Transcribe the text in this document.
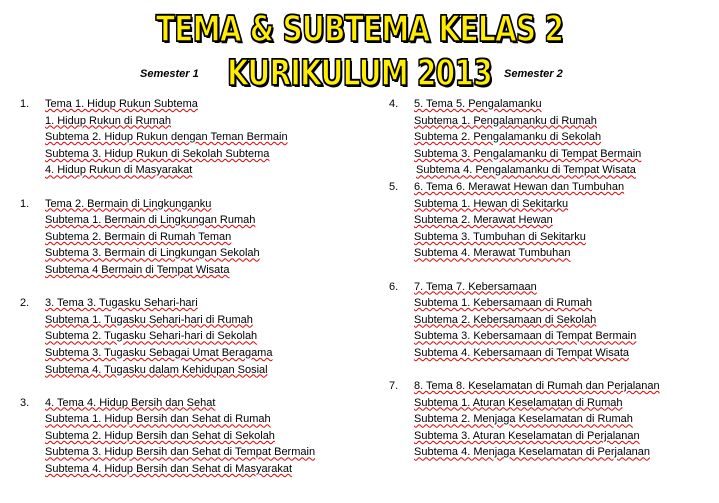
TEMA & SUBTEMA KELAS 2 KURIKULUM 2013
Semester 1	Semester 2
1. Tema 1. Hidup Rukun Subtema
1. Hidup Rukun di Rumah
Subtema 2. Hidup Rukun dengan Teman Bermain
Subtema 3. Hidup Rukun di Sekolah Subtema
4. Hidup Rukun di Masyarakat
1. Tema 2. Bermain di Lingkunganku
Subtema 1. Bermain di Lingkungan Rumah
Subtema 2. Bermain di Rumah Teman
Subtema 3. Bermain di Lingkungan Sekolah
Subtema 4 Bermain di Tempat Wisata
2. 3. Tema 3. Tugasku Sehari-hari
Subtema 1. Tugasku Sehari-hari di Rumah
Subtema 2. Tugasku Sehari-hari di Sekolah
Subtema 3. Tugasku Sebagai Umat Beragama
Subtema 4. Tugasku dalam Kehidupan Sosial
3. 4. Tema 4. Hidup Bersih dan Sehat
Subtema 1. Hidup Bersih dan Sehat di Rumah
Subtema 2. Hidup Bersih dan Sehat di Sekolah
Subtema 3. Hidup Bersih dan Sehat di Tempat Bermain
Subtema 4. Hidup Bersih dan Sehat di Masyarakat
4. 5. Tema 5. Pengalamanku
Subtema 1. Pengalamanku di Rumah
Subtema 2. Pengalamanku di Sekolah
Subtema 3. Pengalamanku di Tempat Bermain
Subtema 4. Pengalamanku di Tempat Wisata
5. 6. Tema 6. Merawat Hewan dan Tumbuhan
Subtema 1. Hewan di Sekitarku
Subtema 2. Merawat Hewan
Subtema 3. Tumbuhan di Sekitarku
Subtema 4. Merawat Tumbuhan
6. 7. Tema 7. Kebersamaan
Subtema 1. Kebersamaan di Rumah
Subtema 2. Kebersamaan di Sekolah
Subtema 3. Kebersamaan di Tempat Bermain
Subtema 4. Kebersamaan di Tempat Wisata
7. 8. Tema 8. Keselamatan di Rumah dan Perjalanan
Subtema 1. Aturan Keselamatan di Rumah
Subtema 2. Menjaga Keselamatan di Rumah
Subtema 3. Aturan Keselamatan di Perjalanan
Subtema 4. Menjaga Keselamatan di Perjalanan
